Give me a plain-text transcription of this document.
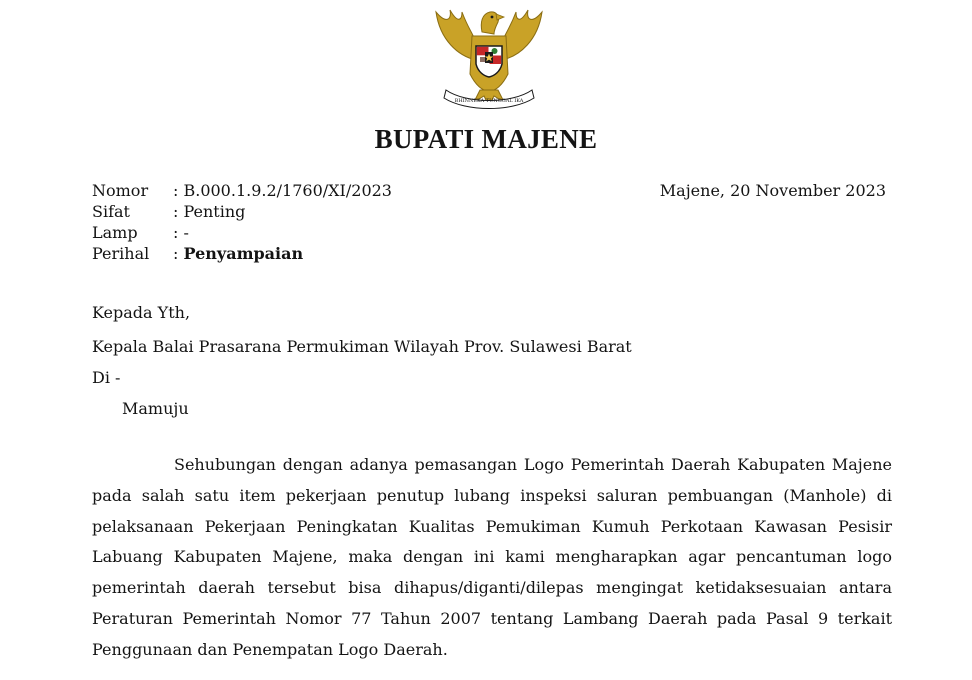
BHINNEKA TUNGGAL IKA
BUPATI MAJENE
Nomor	: B.000.1.9.2/1760/XI/2023
Sifat	: Penting
Lamp	: -
Perihal	: Penyampaian
Majene, 20 November 2023
Kepada Yth,
Kepala Balai Prasarana Permukiman Wilayah Prov. Sulawesi Barat
Di -
Mamuju

Sehubungan dengan adanya pemasangan Logo Pemerintah Daerah Kabupaten Majene pada salah satu item pekerjaan penutup lubang inspeksi saluran pembuangan (Manhole) di pelaksanaan Pekerjaan Peningkatan Kualitas Pemukiman Kumuh Perkotaan Kawasan Pesisir Labuang Kabupaten Majene, maka dengan ini kami mengharapkan agar pencantuman logo pemerintah daerah tersebut bisa dihapus/diganti/dilepas mengingat ketidaksesuaian antara Peraturan Pemerintah Nomor 77 Tahun 2007 tentang Lambang Daerah pada Pasal 9 terkait Penggunaan dan Penempatan Logo Daerah.
